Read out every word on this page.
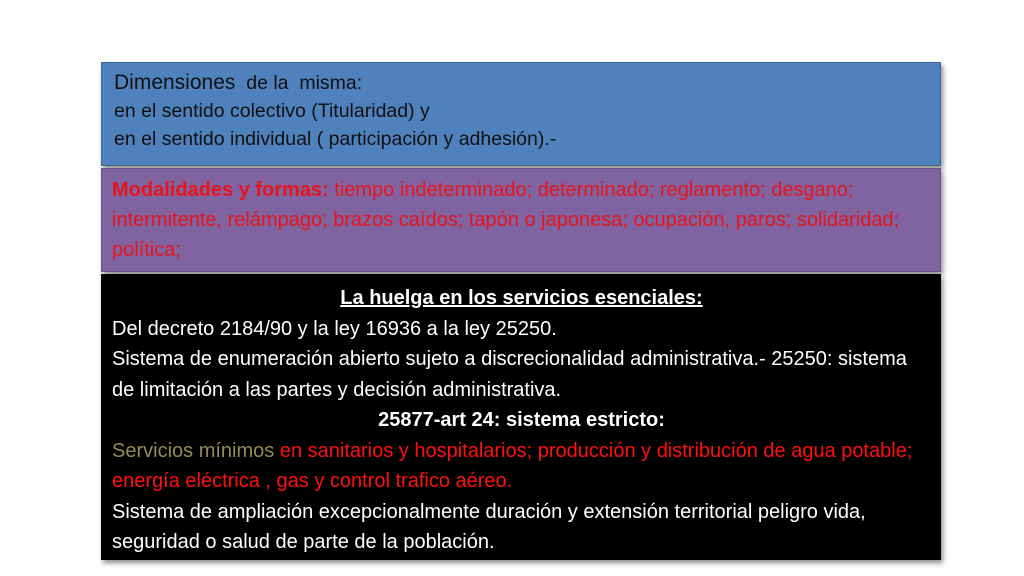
Dimensiones  de la  misma:

en el sentido colectivo (Titularidad) y

en el sentido individual ( participación y adhesión).-

Modalidades y formas: tiempo indeterminado; determinado; reglamento; desgano; intermitente, relámpago; brazos caídos; tapón o japonesa; ocupación, paros; solidaridad; política;

La huelga en los servicios esenciales:

Del decreto 2184/90 y la ley 16936 a la ley 25250.

Sistema de enumeración abierto sujeto a discrecionalidad administrativa.- 25250: sistema de limitación a las partes y decisión administrativa.

25877-art 24: sistema estricto:

Servicios mínimos en sanitarios y hospitalarios; producción y distribución de agua potable; energía eléctrica , gas y control trafico aéreo.

Sistema de ampliación excepcionalmente duración y extensión territorial peligro vida, seguridad o salud de parte de la población.
